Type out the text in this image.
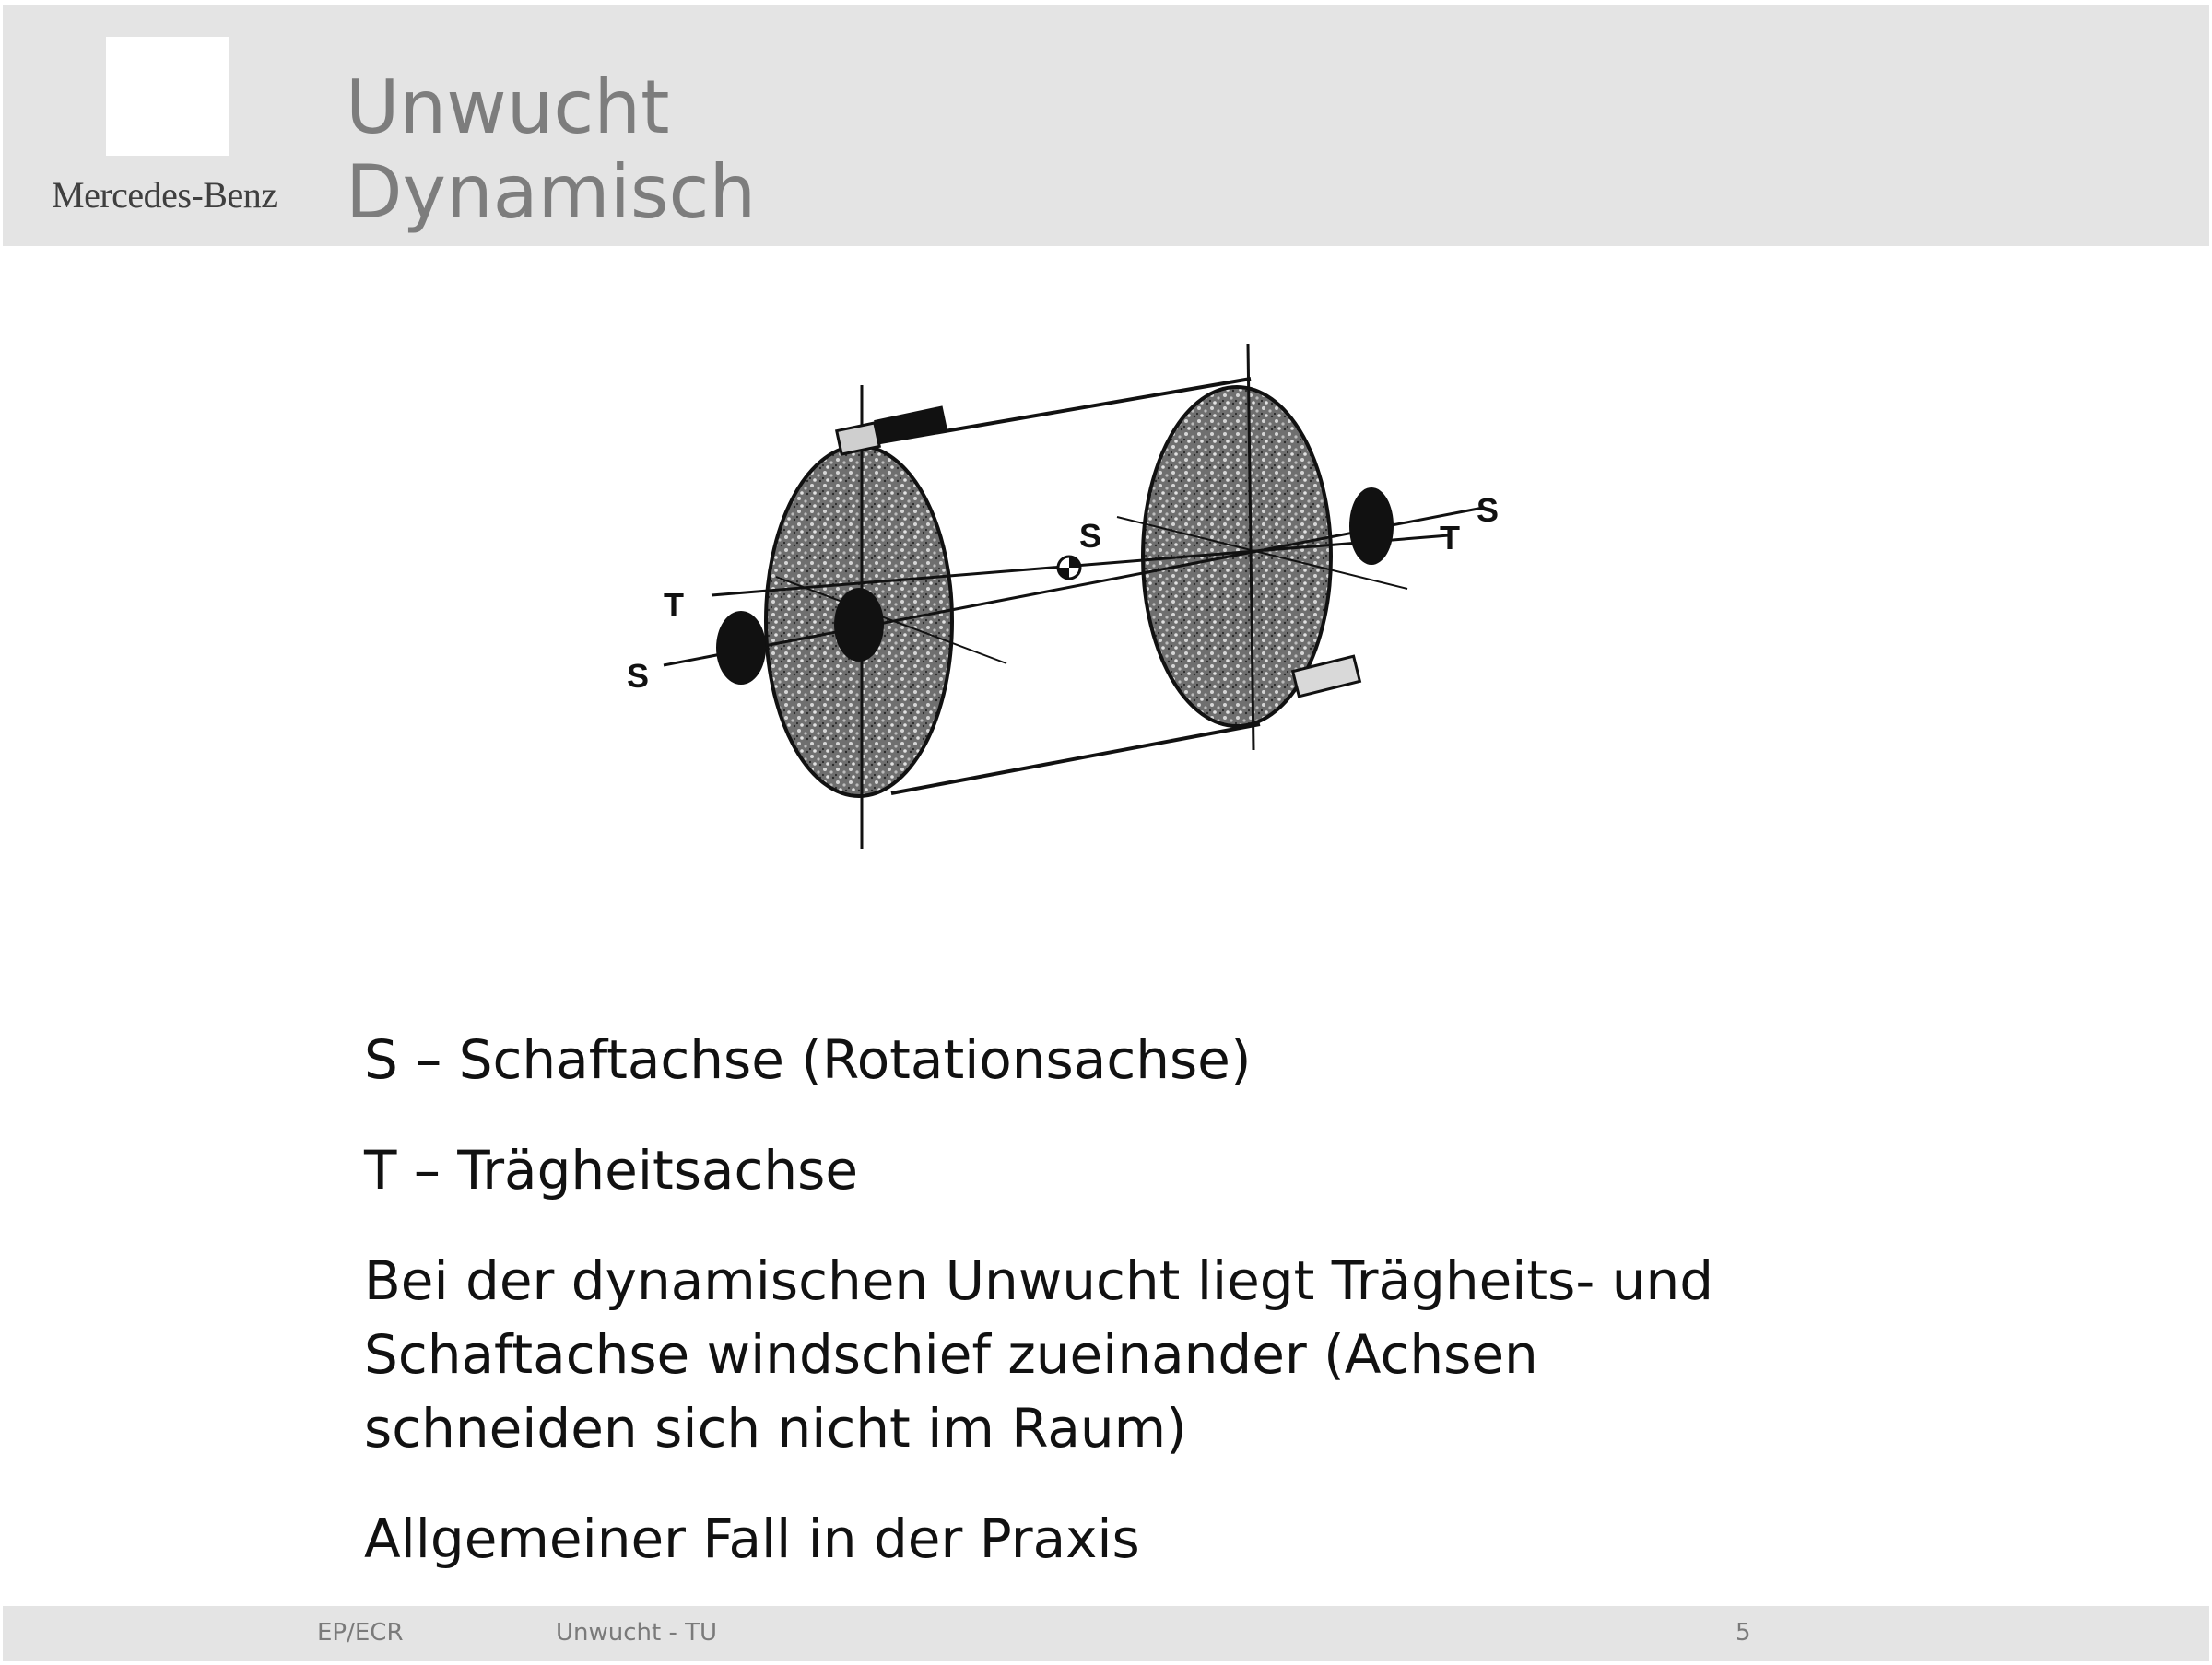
Mercedes-Benz
Unwucht
Dynamisch
S
T
S
S
T

S – Schaftachse (Rotationsachse)

T – Trägheitsachse

Bei der dynamischen Unwucht liegt Trägheits- und Schaftachse windschief zueinander (Achsen schneiden sich nicht im Raum)

Allgemeiner Fall in der Praxis

EP/ECR	Unwucht - TU	5
